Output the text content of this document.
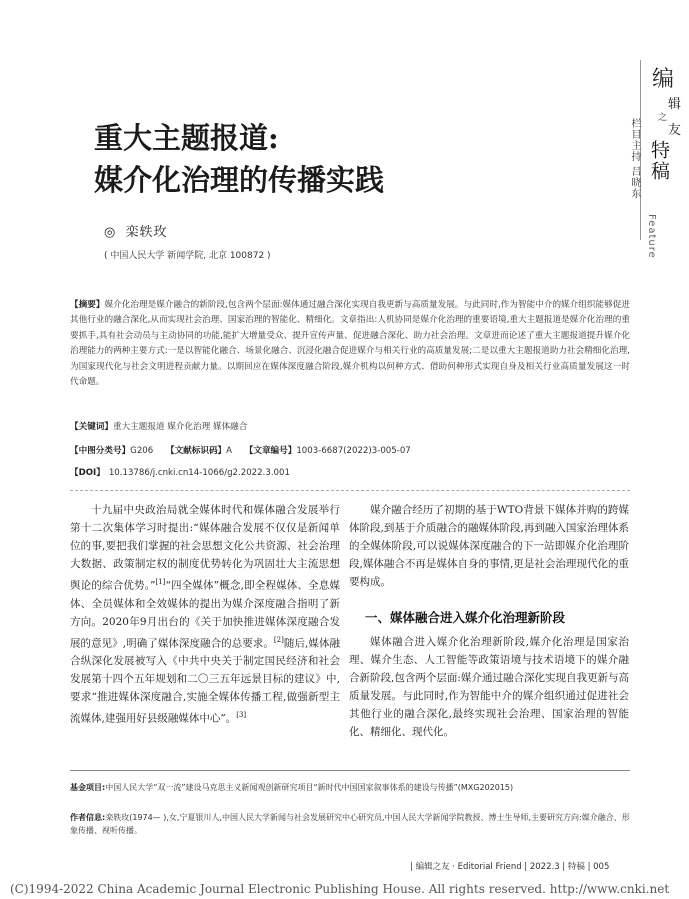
编
辑
之
友
栏目主持 吕晓东 特稿
Feature
重大主题报道:
媒介化治理的传播实践
◎ 栾轶玫
( 中国人民大学 新闻学院, 北京 100872 )
【摘要】媒介化治理是媒介融合的新阶段,包含两个层面:媒体通过融合深化实现自我更新与高质量发展。与此同时,作为智能中介的媒介组织能够促进其他行业的融合深化,从而实现社会治理、国家治理的智能化、精细化。文章指出:人机协同是媒介化治理的重要语境,重大主题报道是媒介化治理的重要抓手,具有社会动员与主动协同的功能,能扩大增量受众、提升宣传声量、促进融合深化、助力社会治理。文章进而论述了重大主题报道提升媒介化治理能力的两种主要方式:一是以智能化融合、场景化融合、沉浸化融合促进媒介与相关行业的高质量发展;二是以重大主题报道助力社会精细化治理,为国家现代化与社会文明进程贡献力量。以期回应在媒体深度融合阶段,媒介机构以何种方式、借助何种形式实现自身及相关行业高质量发展这一时代命题。
【关键词】重大主题报道 媒介化治理 媒体融合
【中图分类号】G206 【文献标识码】A 【文章编号】1003-6687(2022)3-005-07
【DOI】 10.13786/j.cnki.cn14-1066/g2.2022.3.001

十九届中央政治局就全媒体时代和媒体融合发展举行第十二次集体学习时提出:“媒体融合发展不仅仅是新闻单位的事,要把我们掌握的社会思想文化公共资源、社会治理大数据、政策制定权的制度优势转化为巩固壮大主流思想舆论的综合优势。”[1]“四全媒体”概念,即全程媒体、全息媒体、全员媒体和全效媒体的提出为媒介深度融合指明了新方向。2020年9月出台的《关于加快推进媒体深度融合发展的意见》,明确了媒体深度融合的总要求。[2]随后,媒体融合纵深化发展被写入《中共中央关于制定国民经济和社会发展第十四个五年规划和二〇三五年远景目标的建议》中,要求“推进媒体深度融合,实施全媒体传播工程,做强新型主流媒体,建强用好县级融媒体中心”。[3]

媒介融合经历了初期的基于WTO背景下媒体并购的跨媒体阶段,到基于介质融合的融媒体阶段,再到融入国家治理体系的全媒体阶段,可以说媒体深度融合的下一站即媒介化治理阶段,媒体融合不再是媒体自身的事情,更是社会治理现代化的重要构成。

一、媒体融合进入媒介化治理新阶段

媒体融合进入媒介化治理新阶段,媒介化治理是国家治理、媒介生态、人工智能等政策语境与技术语境下的媒介融合新阶段,包含两个层面:媒介通过融合深化实现自我更新与高质量发展。与此同时,作为智能中介的媒介组织通过促进社会其他行业的融合深化,最终实现社会治理、国家治理的智能化、精细化、现代化。

基金项目:中国人民大学“双一流”建设马克思主义新闻观创新研究项目“新时代中国国家叙事体系的建设与传播”(MXG202015)
作者信息:栾轶玫(1974— ),女,宁夏银川人,中国人民大学新闻与社会发展研究中心研究员,中国人民大学新闻学院教授、博士生导师,主要研究方向:媒介融合、形象传播、视听传播。
| 编辑之友 · Editorial Friend | 2022.3 | 特稿 | 005
(C)1994-2022 China Academic Journal Electronic Publishing House. All rights reserved. http://www.cnki.net
